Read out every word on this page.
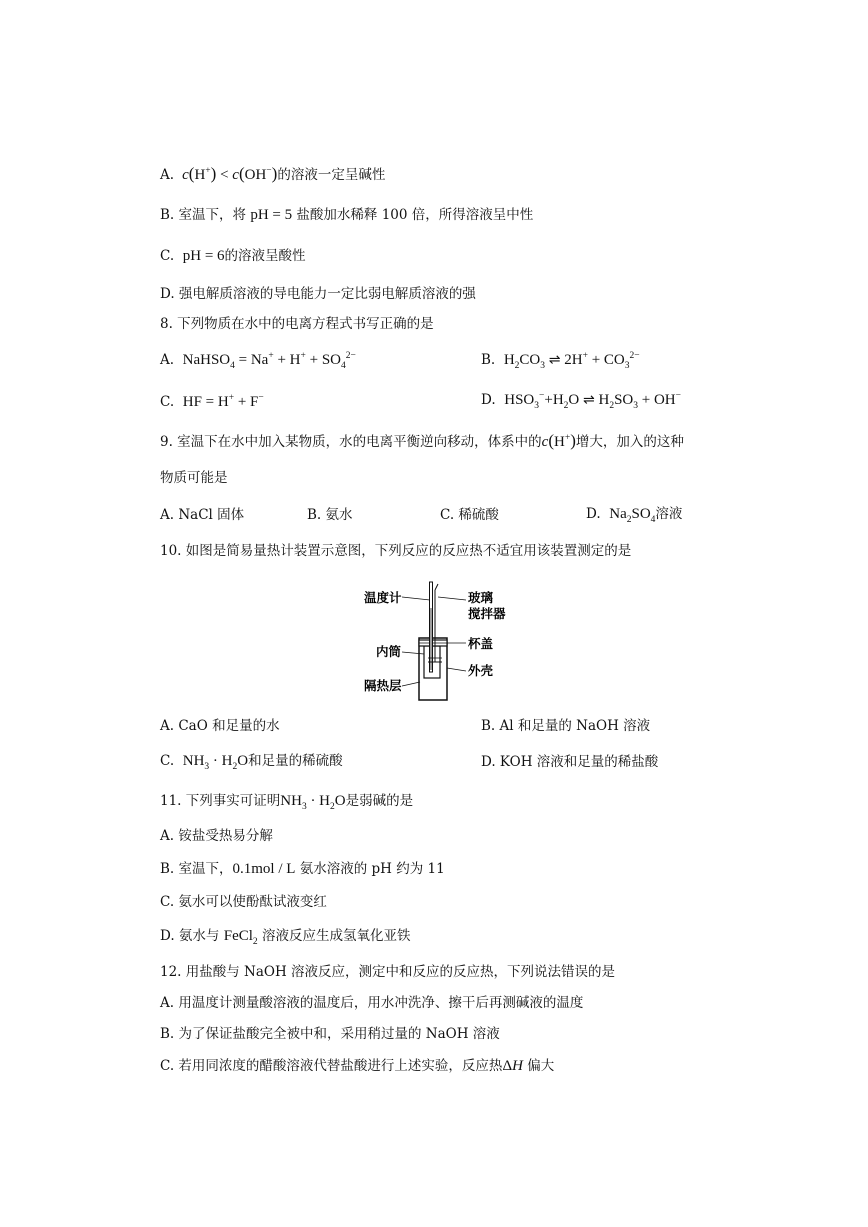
A. c(H+) < c(OH−)的溶液一定呈碱性
B. 室温下，将 pH = 5 盐酸加水稀释 100 倍，所得溶液呈中性
C. pH = 6的溶液呈酸性
D. 强电解质溶液的导电能力一定比弱电解质溶液的强
8. 下列物质在水中的电离方程式书写正确的是
A. NaHSO$_4$ = $Na^+ + H^+ + SO_4^{2-}$	B. $H_2CO_3$ ⇌ $2H^+ + CO_3^{2-}$
C. HF = H+ + F−	D. $HSO_3^-+H_2O$ ⇌ $H_2SO_3 + OH^-$
9. 室温下在水中加入某物质，水的电离平衡逆向移动，体系中的c(H+)增大，加入的这种
物质可能是
A. NaCl 固体	B. 氨水	C. 稀硫酸	D. $Na_2SO_4$溶液
10. 如图是简易量热计装置示意图，下列反应的反应热不适宜用该装置测定的是
温度计	玻璃
搅拌器
杯盖
内筒
外壳
隔热层
A. CaO 和足量的水	B. Al 和足量的 NaOH 溶液
C. $NH_3 \cdot H_2O$和足量的稀硫酸	D. KOH 溶液和足量的稀盐酸
11. 下列事实可证明$NH_3 \cdot H_2O$是弱碱的是
A. 铵盐受热易分解
B. 室温下，0.1mol / L 氨水溶液的 pH 约为 11
C. 氨水可以使酚酞试液变红
D. 氨水与 FeCl$_2$ 溶液反应生成氢氧化亚铁
12. 用盐酸与 NaOH 溶液反应，测定中和反应的反应热，下列说法错误的是
A. 用温度计测量酸溶液的温度后，用水冲洗净、擦干后再测碱液的温度
B. 为了保证盐酸完全被中和，采用稍过量的 NaOH 溶液
C. 若用同浓度的醋酸溶液代替盐酸进行上述实验，反应热ΔH 偏大
